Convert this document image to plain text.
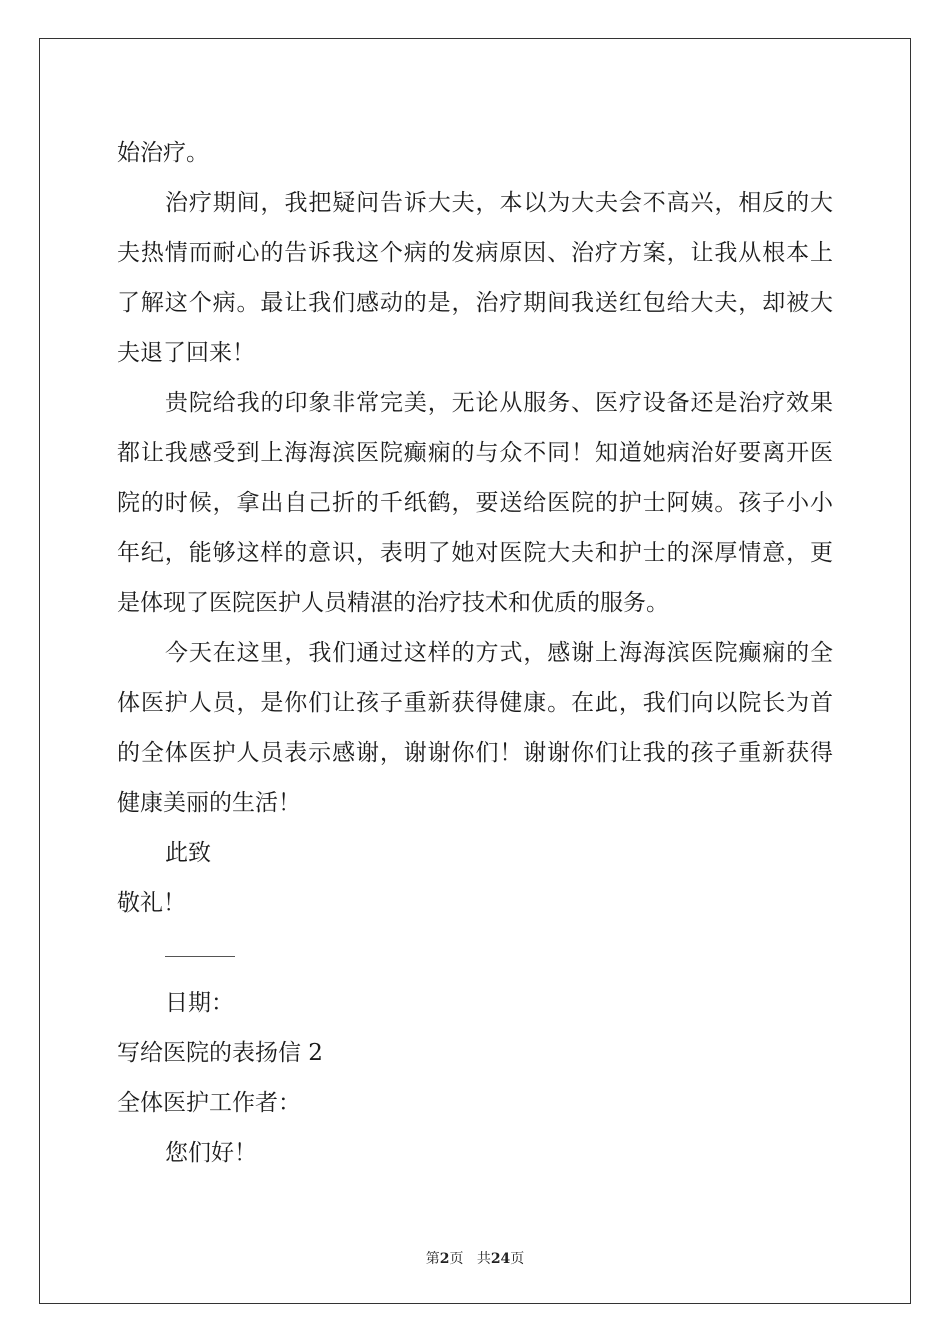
始治疗。
治疗期间，我把疑问告诉大夫，本以为大夫会不高兴，相反的大
夫热情而耐心的告诉我这个病的发病原因、治疗方案，让我从根本上
了解这个病。最让我们感动的是，治疗期间我送红包给大夫，却被大
夫退了回来！
贵院给我的印象非常完美，无论从服务、医疗设备还是治疗效果
都让我感受到上海海滨医院癫痫的与众不同！知道她病治好要离开医
院的时候，拿出自己折的千纸鹤，要送给医院的护士阿姨。孩子小小
年纪，能够这样的意识，表明了她对医院大夫和护士的深厚情意，更
是体现了医院医护人员精湛的治疗技术和优质的服务。
今天在这里，我们通过这样的方式，感谢上海海滨医院癫痫的全
体医护人员，是你们让孩子重新获得健康。在此，我们向以院长为首
的全体医护人员表示感谢，谢谢你们！谢谢你们让我的孩子重新获得
健康美丽的生活！
此致
敬礼！
日期：
写给医院的表扬信 2
全体医护工作者：
您们好！
第2页 共24页
